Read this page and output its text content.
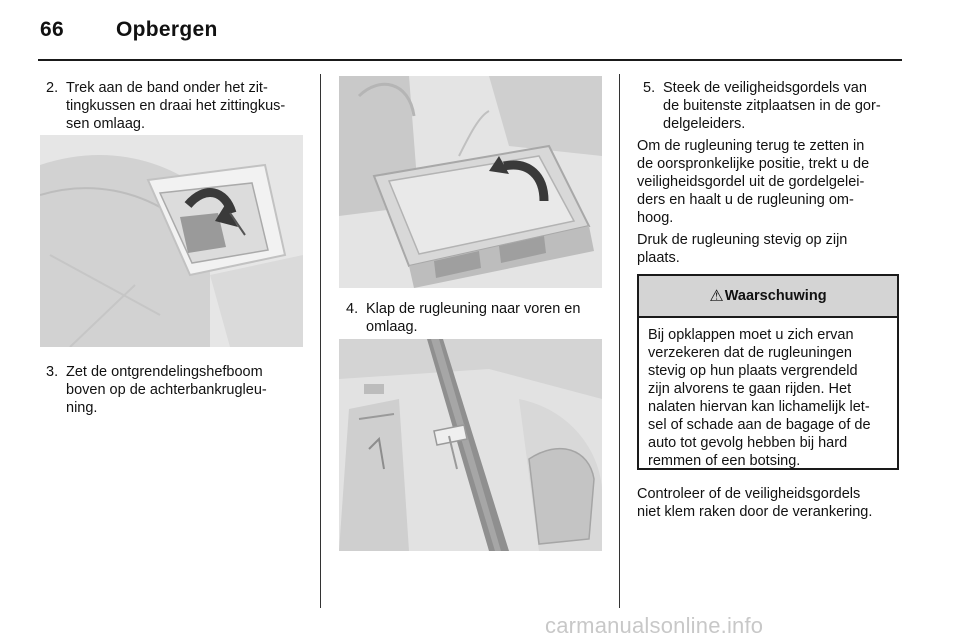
66 Opbergen
2. Trek aan de band onder het zit-
tingkussen en draai het zittingkus-
sen omlaag.
3. Zet de ontgrendelingshefboom
boven op de achterbankrugleu-
ning.
4. Klap de rugleuning naar voren en
omlaag.
5. Steek de veiligheidsgordels van
de buitenste zitplaatsen in de gor-
delgeleiders.
Om de rugleuning terug te zetten in
de oorspronkelijke positie, trekt u de
veiligheidsgordel uit de gordelgelei-
ders en haalt u de rugleuning om-
hoog.
Druk de rugleuning stevig op zijn
plaats.
⚠ Waarschuwing
Bij opklappen moet u zich ervan
verzekeren dat de rugleuningen
stevig op hun plaats vergrendeld
zijn alvorens te gaan rijden. Het
nalaten hiervan kan lichamelijk let-
sel of schade aan de bagage of de
auto tot gevolg hebben bij hard
remmen of een botsing.
Controleer of de veiligheidsgordels
niet klem raken door de verankering.
carmanualsonline.info
